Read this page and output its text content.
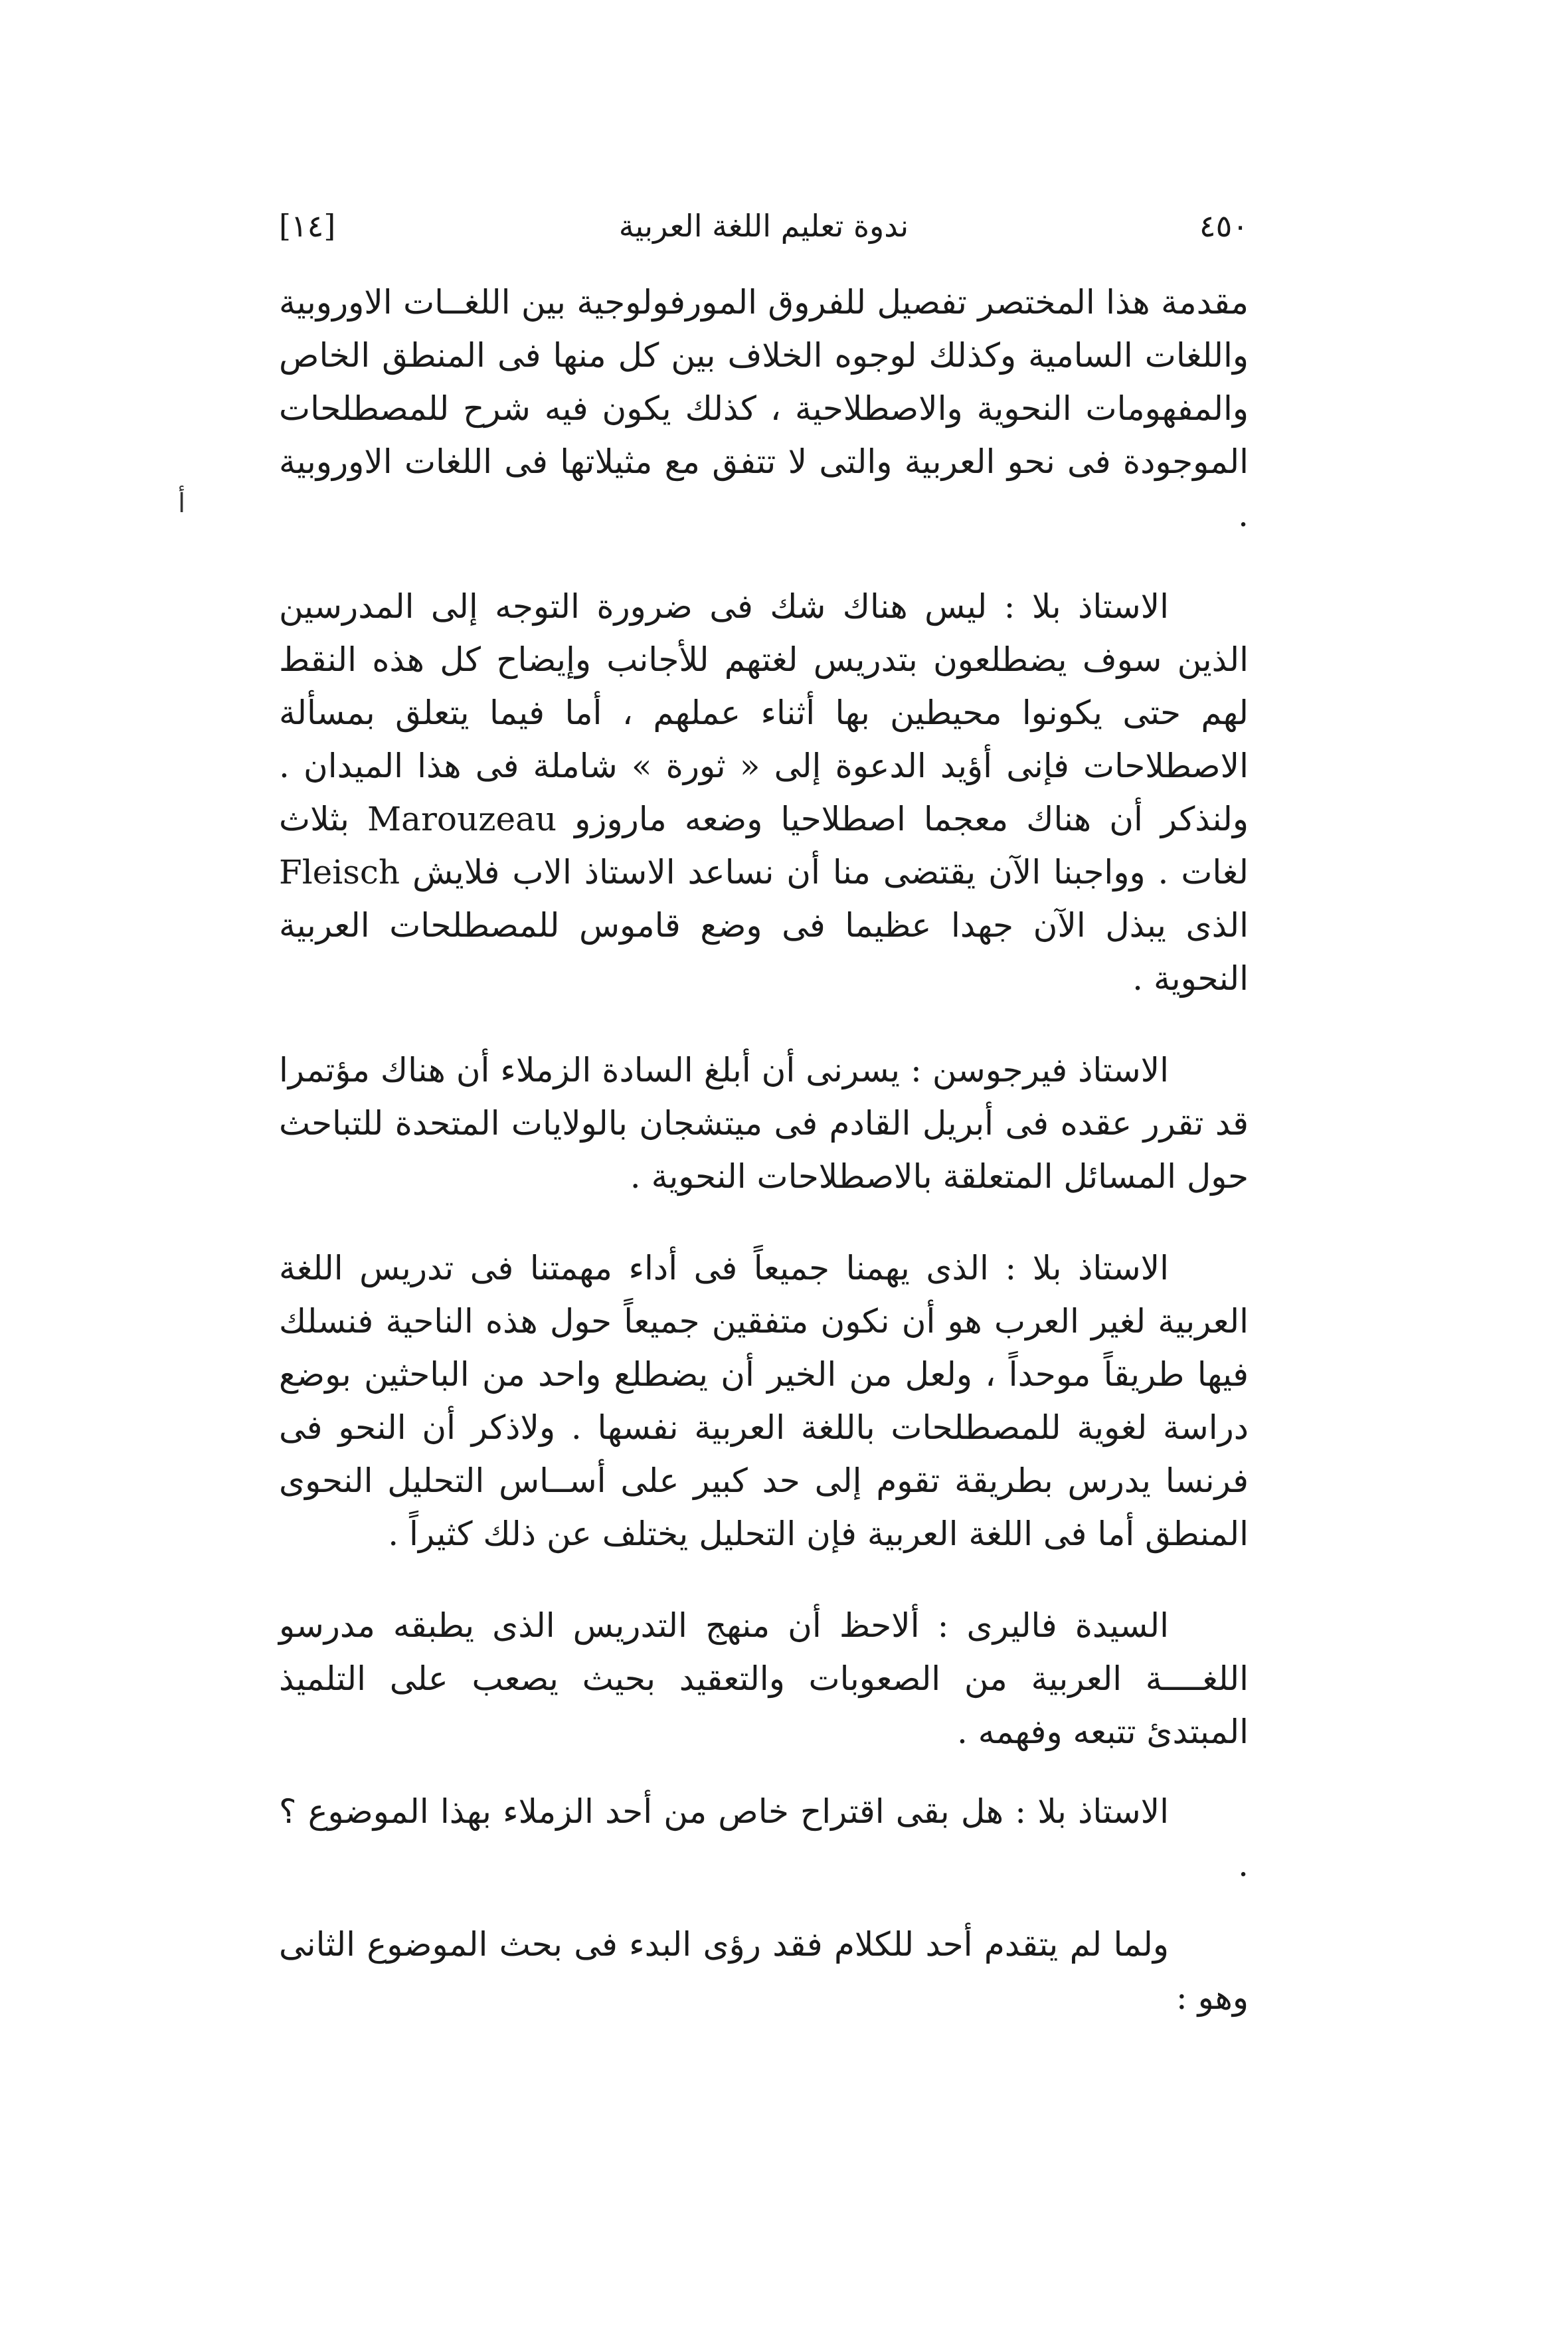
٤٥٠
ندوة تعليم اللغة العربية
[١٤]
أ

مقدمة هذا المختصر تفصيل للفروق المورفولوجية بين اللغــات الاوروبية واللغات السامية وكذلك لوجوه الخلاف بين كل منها فى المنطق الخاص والمفهومات النحوية والاصطلاحية ، كذلك يكون فيه شرح للمصطلحات الموجودة فى نحو العربية والتى لا تتفق مع مثيلاتها فى اللغات الاوروبية .

الاستاذ بلا : ليس هناك شك فى ضرورة التوجه إلى المدرسين الذين سوف يضطلعون بتدريس لغتهم للأجانب وإيضاح كل هذه النقط لهم حتى يكونوا محيطين بها أثناء عملهم ، أما فيما يتعلق بمسألة الاصطلاحات فإنى أؤيد الدعوة إلى « ثورة » شاملة فى هذا الميدان . ولنذكر أن هناك معجما اصطلاحيا وضعه ماروزو Marouzeau بثلاث لغات . وواجبنا الآن يقتضى منا أن نساعد الاستاذ الاب فلايش Fleisch الذى يبذل الآن جهدا عظيما فى وضع قاموس للمصطلحات العربية النحوية .

الاستاذ فيرجوسن : يسرنى أن أبلغ السادة الزملاء أن هناك مؤتمرا قد تقرر عقده فى أبريل القادم فى ميتشجان بالولايات المتحدة للتباحث حول المسائل المتعلقة بالاصطلاحات النحوية .

الاستاذ بلا : الذى يهمنا جميعاً فى أداء مهمتنا فى تدريس اللغة العربية لغير العرب هو أن نكون متفقين جميعاً حول هذه الناحية فنسلك فيها طريقاً موحداً ، ولعل من الخير أن يضطلع واحد من الباحثين بوضع دراسة لغوية للمصطلحات باللغة العربية نفسها . ولاذكر أن النحو فى فرنسا يدرس بطريقة تقوم إلى حد كبير على أســاس التحليل النحوى المنطق أما فى اللغة العربية فإن التحليل يختلف عن ذلك كثيراً .

السيدة فاليرى : ألاحظ أن منهج التدريس الذى يطبقه مدرسو اللغــــة العربية من الصعوبات والتعقيد بحيث يصعب على التلميذ المبتدئ تتبعه وفهمه .

الاستاذ بلا : هل بقى اقتراح خاص من أحد الزملاء بهذا الموضوع ؟ .

ولما لم يتقدم أحد للكلام فقد رؤى البدء فى بحث الموضوع الثانى وهو :
